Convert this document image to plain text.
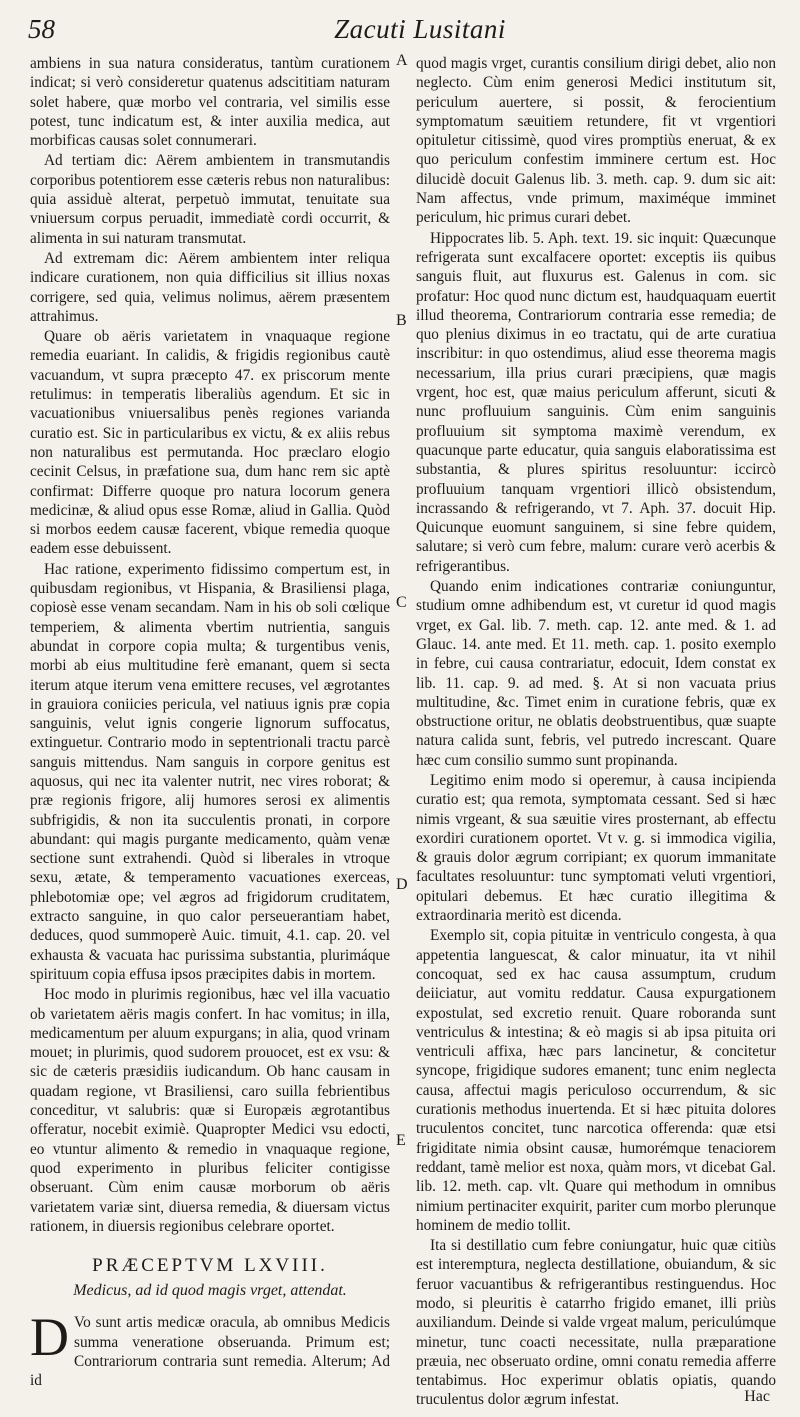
58	Zacuti Lusitani
A
B
C
D
E

ambiens in sua natura consideratus, tantùm curationem indicat; si verò consideretur quatenus adscititiam naturam solet habere, quæ morbo vel contraria, vel similis esse potest, tunc indicatum est, & inter auxilia medica, aut morbificas causas solet connumerari.

Ad tertiam dic: Aërem ambientem in transmutandis corporibus potentiorem esse cæteris rebus non naturalibus: quia assiduè alterat, perpetuò immutat, tenuitate sua vniuersum corpus peruadit, immediatè cordi occurrit, & alimenta in sui naturam transmutat.

Ad extremam dic: Aërem ambientem inter reliqua indicare curationem, non quia difficilius sit illius noxas corrigere, sed quia, velimus nolimus, aërem præsentem attrahimus.

Quare ob aëris varietatem in vnaquaque regione remedia euariant. In calidis, & frigidis regionibus cautè vacuandum, vt supra præcepto 47. ex priscorum mente retulimus: in temperatis liberaliùs agendum. Et sic in vacuationibus vniuersalibus penès regiones varianda curatio est. Sic in particularibus ex victu, & ex aliis rebus non naturalibus est permutanda. Hoc præclaro elogio cecinit Celsus, in præfatione sua, dum hanc rem sic aptè confirmat: Differre quoque pro natura locorum genera medicinæ, & aliud opus esse Romæ, aliud in Gallia. Quòd si morbos eedem causæ facerent, vbique remedia quoque eadem esse debuissent.

Hac ratione, experimento fidissimo compertum est, in quibusdam regionibus, vt Hispania, & Brasiliensi plaga, copiosè esse venam secandam. Nam in his ob soli cœlique temperiem, & alimenta vbertim nutrientia, sanguis abundat in corpore copia multa; & turgentibus venis, morbi ab eius multitudine ferè emanant, quem si secta iterum atque iterum vena emittere recuses, vel ægrotantes in grauiora coniicies pericula, vel natiuus ignis præ copia sanguinis, velut ignis congerie lignorum suffocatus, extinguetur. Contrario modo in septentrionali tractu parcè sanguis mittendus. Nam sanguis in corpore genitus est aquosus, qui nec ita valenter nutrit, nec vires roborat; & præ regionis frigore, alij humores serosi ex alimentis subfrigidis, & non ita succulentis pronati, in corpore abundant: qui magis purgante medicamento, quàm venæ sectione sunt extrahendi. Quòd si liberales in vtroque sexu, ætate, & temperamento vacuationes exerceas, phlebotomiæ ope; vel ægros ad frigidorum cruditatem, extracto sanguine, in quo calor perseuerantiam habet, deduces, quod summoperè Auic. timuit, 4.1. cap. 20. vel exhausta & vacuata hac purissima substantia, plurimáque spirituum copia effusa ipsos præcipites dabis in mortem.

Hoc modo in plurimis regionibus, hæc vel illa vacuatio ob varietatem aëris magis confert. In hac vomitus; in illa, medicamentum per aluum expurgans; in alia, quod vrinam mouet; in plurimis, quod sudorem prouocet, est ex vsu: & sic de cæteris præsidiis iudicandum. Ob hanc causam in quadam regione, vt Brasiliensi, caro suilla febrientibus conceditur, vt salubris: quæ si Europæis ægrotantibus offeratur, nocebit eximiè. Quapropter Medici vsu edocti, eo vtuntur alimento & remedio in vnaquaque regione, quod experimento in pluribus feliciter contigisse obseruant. Cùm enim causæ morborum ob aëris varietatem variæ sint, diuersa remedia, & diuersam victus rationem, in diuersis regionibus celebrare oportet.

PRÆCEPTVM LXVIII.
Medicus, ad id quod magis vrget, attendat.

D Vo sunt artis medicæ oracula, ab omnibus Medicis summa veneratione obseruanda. Primum est; Contrariorum contraria sunt remedia. Alterum; Ad id

quod magis vrget, curantis consilium dirigi debet, alio non neglecto. Cùm enim generosi Medici institutum sit, periculum auertere, si possit, & ferocientium symptomatum sæuitiem retundere, fit vt vrgentiori opituletur citissimè, quod vires promptiùs eneruat, & ex quo periculum confestim imminere certum est. Hoc dilucidè docuit Galenus lib. 3. meth. cap. 9. dum sic ait: Nam affectus, vnde primum, maximéque imminet periculum, hic primus curari debet.

Hippocrates lib. 5. Aph. text. 19. sic inquit: Quæcunque refrigerata sunt excalfacere oportet: exceptis iis quibus sanguis fluit, aut fluxurus est. Galenus in com. sic profatur: Hoc quod nunc dictum est, haudquaquam euertit illud theorema, Contrariorum contraria esse remedia; de quo plenius diximus in eo tractatu, qui de arte curatiua inscribitur: in quo ostendimus, aliud esse theorema magis necessarium, illa prius curari præcipiens, quæ magis vrgent, hoc est, quæ maius periculum afferunt, sicuti & nunc profluuium sanguinis. Cùm enim sanguinis profluuium sit symptoma maximè verendum, ex quacunque parte educatur, quia sanguis elaboratissima est substantia, & plures spiritus resoluuntur: iccircò profluuium tanquam vrgentiori illicò obsistendum, incrassando & refrigerando, vt 7. Aph. 37. docuit Hip. Quicunque euomunt sanguinem, si sine febre quidem, salutare; si verò cum febre, malum: curare verò acerbis & refrigerantibus.

Quando enim indicationes contrariæ coniunguntur, studium omne adhibendum est, vt curetur id quod magis vrget, ex Gal. lib. 7. meth. cap. 12. ante med. & 1. ad Glauc. 14. ante med. Et 11. meth. cap. 1. posito exemplo in febre, cui causa contrariatur, edocuit, Idem constat ex lib. 11. cap. 9. ad med. §. At si non vacuata prius multitudine, &c. Timet enim in curatione febris, quæ ex obstructione oritur, ne oblatis deobstruentibus, quæ suapte natura calida sunt, febris, vel putredo increscant. Quare hæc cum consilio summo sunt propinanda.

Legitimo enim modo si operemur, à causa incipienda curatio est; qua remota, symptomata cessant. Sed si hæc nimis vrgeant, & sua sæuitie vires prosternant, ab effectu exordiri curationem oportet. Vt v. g. si immodica vigilia, & grauis dolor ægrum corripiant; ex quorum immanitate facultates resoluuntur: tunc symptomati veluti vrgentiori, opitulari debemus. Et hæc curatio illegitima & extraordinaria meritò est dicenda.

Exemplo sit, copia pituitæ in ventriculo congesta, à qua appetentia languescat, & calor minuatur, ita vt nihil concoquat, sed ex hac causa assumptum, crudum deiiciatur, aut vomitu reddatur. Causa expurgationem expostulat, sed excretio renuit. Quare roboranda sunt ventriculus & intestina; & eò magis si ab ipsa pituita ori ventriculi affixa, hæc pars lancinetur, & concitetur syncope, frigidique sudores emanent; tunc enim neglecta causa, affectui magis periculoso occurrendum, & sic curationis methodus inuertenda. Et si hæc pituita dolores truculentos concitet, tunc narcotica offerenda: quæ etsi frigiditate nimia obsint causæ, humorémque tenaciorem reddant, tamè melior est noxa, quàm mors, vt dicebat Gal. lib. 12. meth. cap. vlt. Quare qui methodum in omnibus nimium pertinaciter exquirit, pariter cum morbo plerunque hominem de medio tollit.

Ita si destillatio cum febre coniungatur, huic quæ citiùs est interemptura, neglecta destillatione, obuiandum, & sic feruor vacuantibus & refrigerantibus restinguendus. Hoc modo, si pleuritis è catarrho frigido emanet, illi priùs auxiliandum. Deinde si valde vrgeat malum, periculúmque minetur, tunc coacti necessitate, nulla præparatione præuia, nec obseruato ordine, omni conatu remedia afferre tentabimus. Hoc experimur oblatis opiatis, quando truculentus dolor ægrum infestat.	Hac
